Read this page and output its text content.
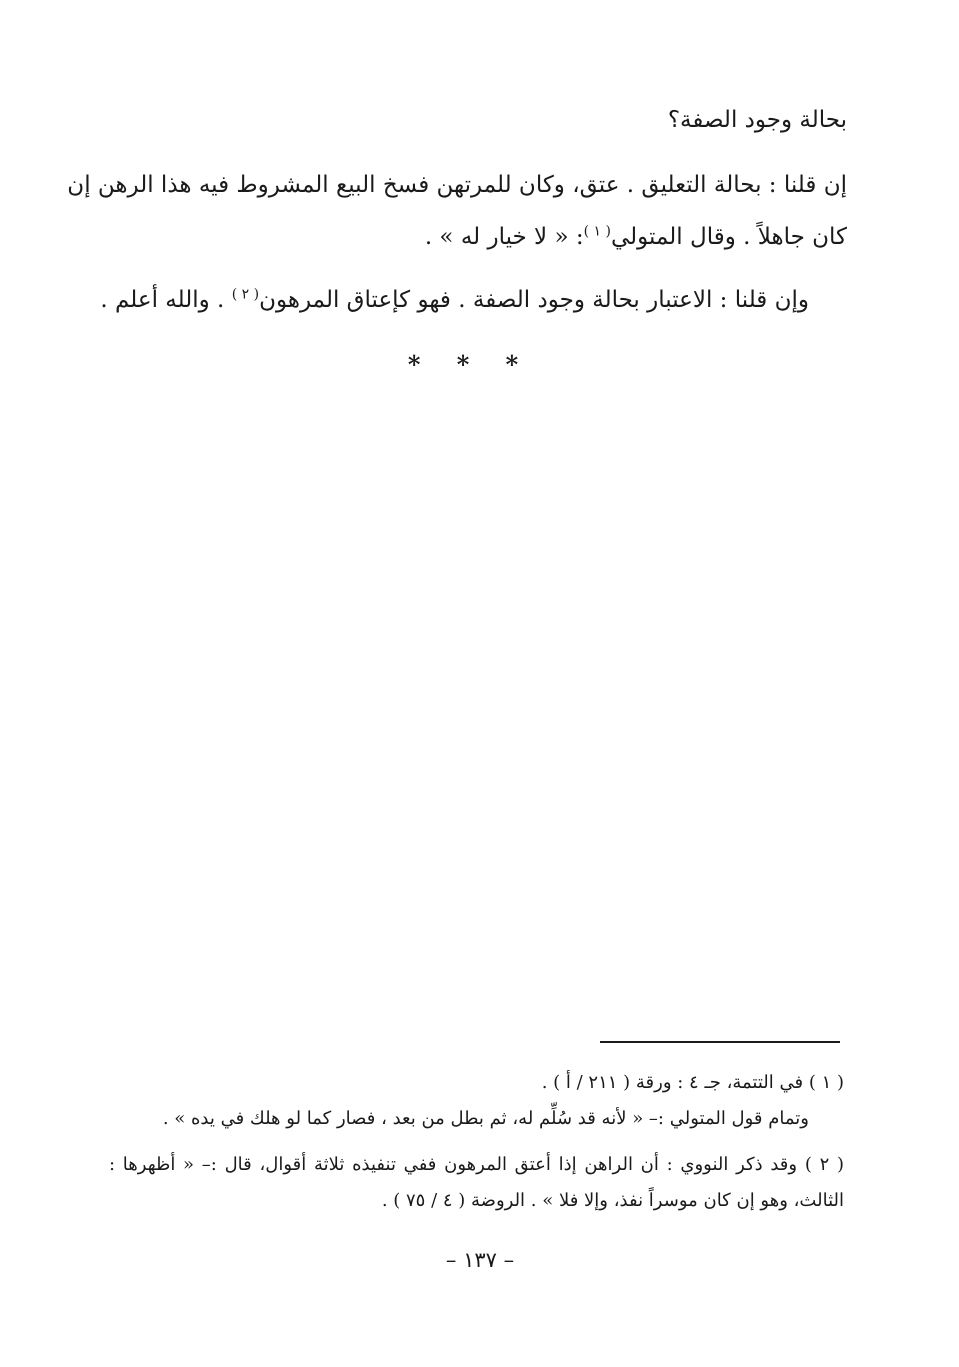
بحالة وجود الصفة؟
إن قلنا : بحالة التعليق . عتق، وكان للمرتهن فسخ البيع المشروط فيه هذا الرهن إن
كان جاهلاً . وقال المتولي$^{( ١ )}$: « لا خيار له » .
وإن قلنا : الاعتبار بحالة وجود الصفة . فهو كإعتاق المرهون$^{( ٢ )}$ . والله أعلم .
* * *
( ١ ) في التتمة، جـ ٤ : ورقة ( ٢١١ / أ ) .
وتمام قول المتولي :– « لأنه قد سُلِّم له، ثم بطل من بعد ، فصار كما لو هلك في يده » .
( ٢ ) وقد ذكر النووي : أن الراهن إذا أعتق المرهون ففي تنفيذه ثلاثة أقوال، قال :– « أظهرها :
الثالث، وهو إن كان موسراً نفذ، وإلا فلا » . الروضة ( ٤ / ٧٥ ) .
– ١٣٧ –
